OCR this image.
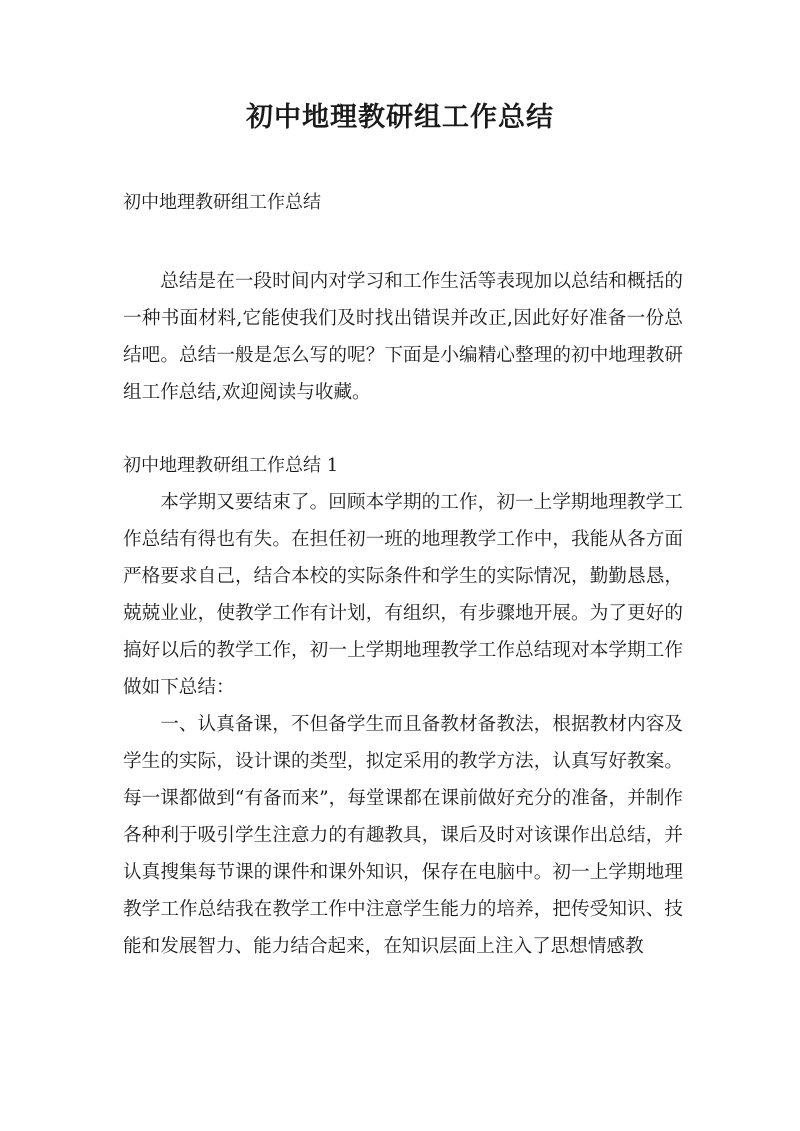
初中地理教研组工作总结
初中地理教研组工作总结

总结是在一段时间内对学习和工作生活等表现加以总结和概括的一种书面材料,它能使我们及时找出错误并改正,因此好好准备一份总结吧。总结一般是怎么写的呢？下面是小编精心整理的初中地理教研组工作总结,欢迎阅读与收藏。

初中地理教研组工作总结 1

本学期又要结束了。回顾本学期的工作，初一上学期地理教学工作总结有得也有失。在担任初一班的地理教学工作中，我能从各方面严格要求自己，结合本校的实际条件和学生的实际情况，勤勤恳恳，兢兢业业，使教学工作有计划，有组织，有步骤地开展。为了更好的搞好以后的教学工作，初一上学期地理教学工作总结现对本学期工作做如下总结：

一、认真备课，不但备学生而且备教材备教法，根据教材内容及学生的实际，设计课的类型，拟定采用的教学方法，认真写好教案。每一课都做到“有备而来”，每堂课都在课前做好充分的准备，并制作各种利于吸引学生注意力的有趣教具，课后及时对该课作出总结，并认真搜集每节课的课件和课外知识，保存在电脑中。初一上学期地理教学工作总结我在教学工作中注意学生能力的培养，把传受知识、技能和发展智力、能力结合起来，在知识层面上注入了思想情感教
